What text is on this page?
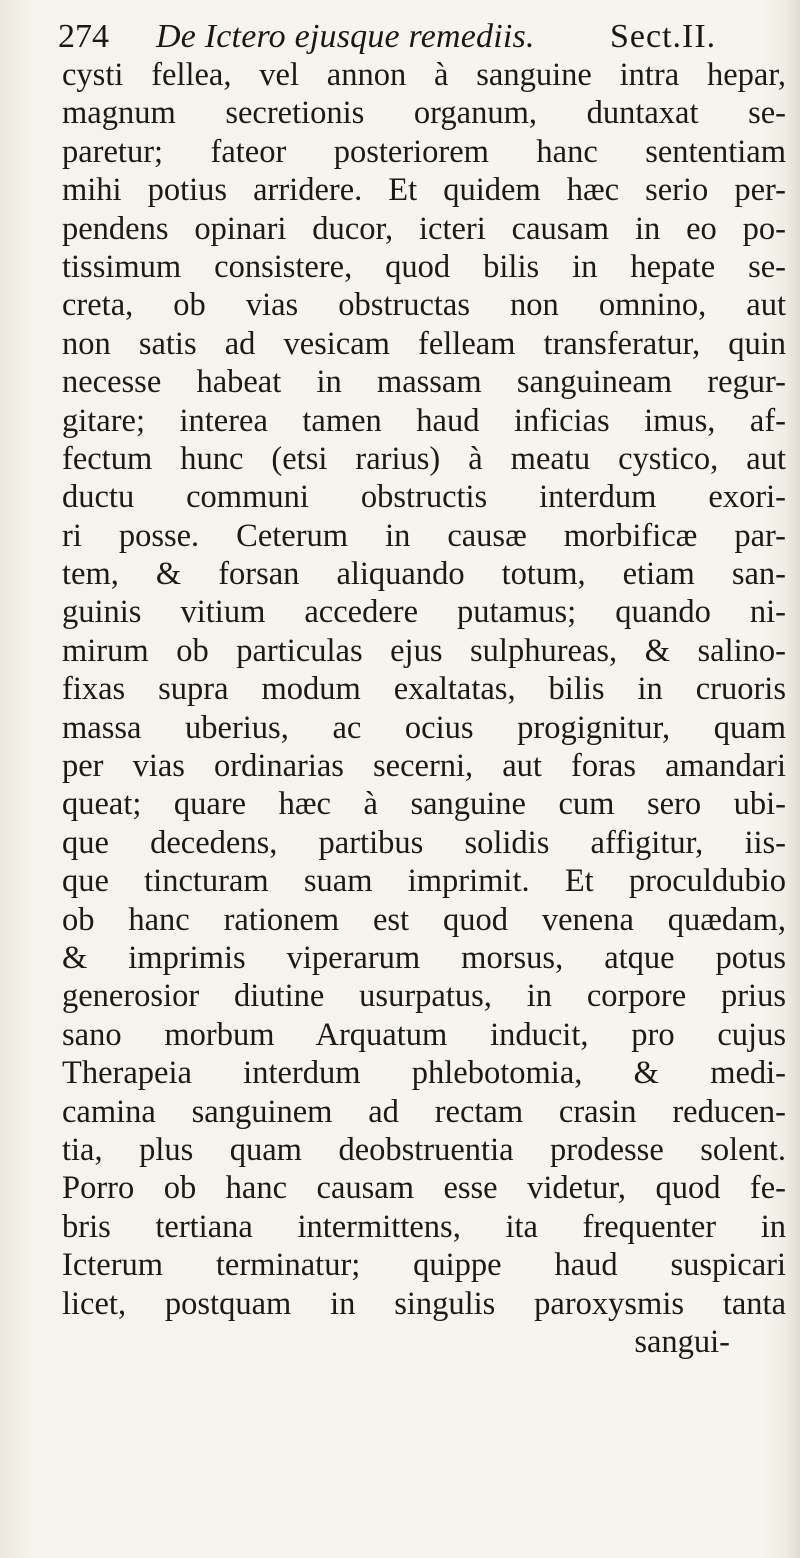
274 De Ictero ejusque remediis. Sect.II.
cysti fellea, vel annon à sanguine intra hepar,
magnum secretionis organum, duntaxat se-
paretur; fateor posteriorem hanc sententiam
mihi potius arridere. Et quidem hæc serio per-
pendens opinari ducor, icteri causam in eo po-
tissimum consistere, quod bilis in hepate se-
creta, ob vias obstructas non omnino, aut
non satis ad vesicam felleam transferatur, quin
necesse habeat in massam sanguineam regur-
gitare; interea tamen haud inficias imus, af-
fectum hunc (etsi rarius) à meatu cystico, aut
ductu communi obstructis interdum exori-
ri posse. Ceterum in causæ morbificæ par-
tem, & forsan aliquando totum, etiam san-
guinis vitium accedere putamus; quando ni-
mirum ob particulas ejus sulphureas, & salino-
fixas supra modum exaltatas, bilis in cruoris
massa uberius, ac ocius progignitur, quam
per vias ordinarias secerni, aut foras amandari
queat; quare hæc à sanguine cum sero ubi-
que decedens, partibus solidis affigitur, iis-
que tincturam suam imprimit. Et proculdubio
ob hanc rationem est quod venena quædam,
& imprimis viperarum morsus, atque potus
generosior diutine usurpatus, in corpore prius
sano morbum Arquatum inducit, pro cujus
Therapeia interdum phlebotomia, & medi-
camina sanguinem ad rectam crasin reducen-
tia, plus quam deobstruentia prodesse solent.
Porro ob hanc causam esse videtur, quod fe-
bris tertiana intermittens, ita frequenter in
Icterum terminatur; quippe haud suspicari
licet, postquam in singulis paroxysmis tanta
sangui-
